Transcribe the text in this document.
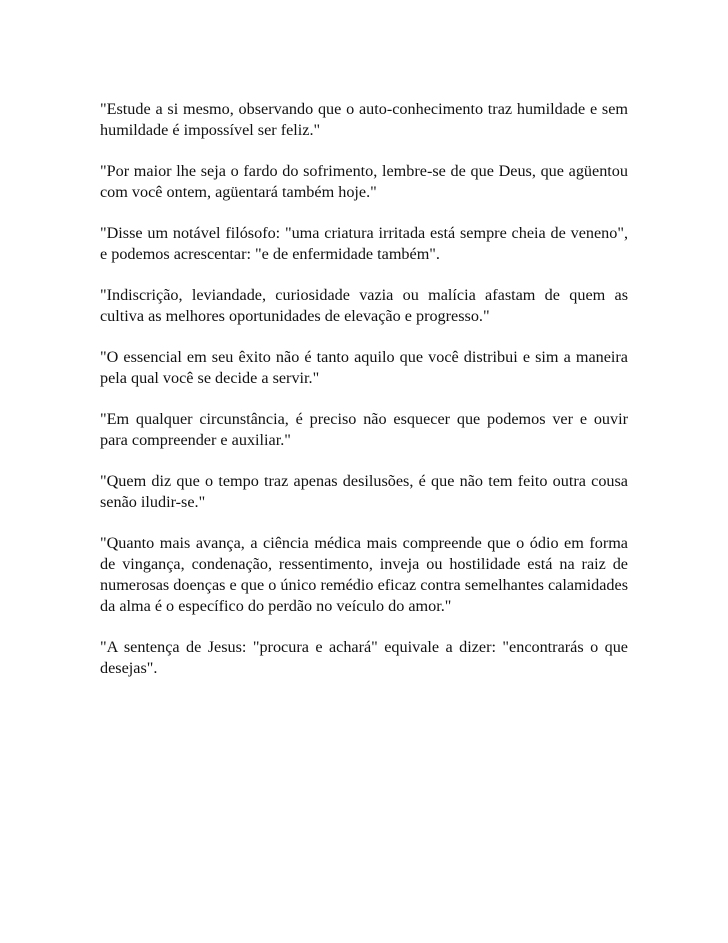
"Estude a si mesmo, observando que o auto-conhecimento traz humildade e sem humildade é impossível ser feliz."

"Por maior lhe seja o fardo do sofrimento, lembre-se de que Deus, que agüentou com você ontem, agüentará também hoje."

"Disse um notável filósofo: "uma criatura irritada está sempre cheia de veneno", e podemos acrescentar: "e de enfermidade também".

"Indiscrição, leviandade, curiosidade vazia ou malícia afastam de quem as cultiva as melhores oportunidades de elevação e progresso."

"O essencial em seu êxito não é tanto aquilo que você distribui e sim a maneira pela qual você se decide a servir."

"Em qualquer circunstância, é preciso não esquecer que podemos ver e ouvir para compreender e auxiliar."

"Quem diz que o tempo traz apenas desilusões, é que não tem feito outra cousa senão iludir-se."

"Quanto mais avança, a ciência médica mais compreende que o ódio em forma de vingança, condenação, ressentimento, inveja ou hostilidade está na raiz de numerosas doenças e que o único remédio eficaz contra semelhantes calamidades da alma é o específico do perdão no veículo do amor."

"A sentença de Jesus: "procura e achará" equivale a dizer: "encontrarás o que desejas".
